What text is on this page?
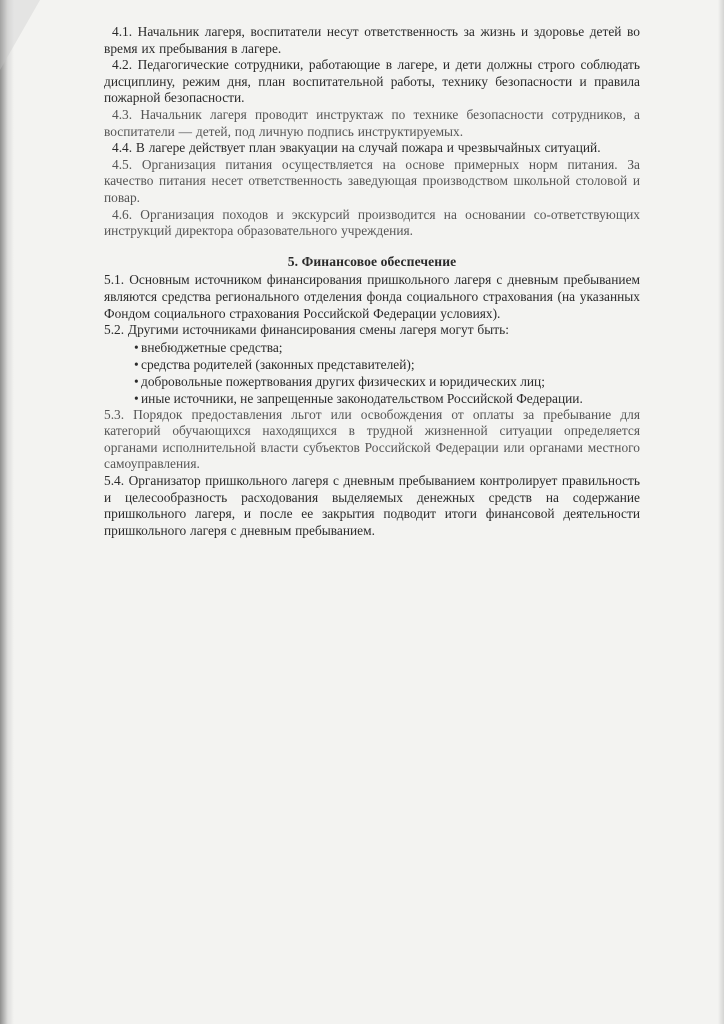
4.1. Начальник лагеря, воспитатели несут ответственность за жизнь и здоровье детей во время их пребывания в лагере.

4.2. Педагогические сотрудники, работающие в лагере, и дети должны строго соблюдать дисциплину, режим дня, план воспитательной работы, технику безопасности и правила пожарной безопасности.

4.3. Начальник лагеря проводит инструктаж по технике безопасности сотрудников, а воспитатели — детей, под личную подпись инструктируемых.

4.4. В лагере действует план эвакуации на случай пожара и чрезвычайных ситуаций.

4.5. Организация питания осуществляется на основе примерных норм питания. За качество питания несет ответственность заведующая производством школьной столовой и повар.

4.6. Организация походов и экскурсий производится на основании со-ответствующих инструкций директора образовательного учреждения.

5. Финансовое обеспечение

5.1. Основным источником финансирования пришкольного лагеря с дневным пребыванием являются средства регионального отделения фонда социального страхования (на указанных Фондом социального страхования Российской Федерации условиях).

5.2. Другими источниками финансирования смены лагеря могут быть:

• внебюджетные средства;
• средства родителей (законных представителей);
• добровольные пожертвования других физических и юридических лиц;
• иные источники, не запрещенные законодательством Российской Федерации.

5.3. Порядок предоставления льгот или освобождения от оплаты за пребывание для категорий обучающихся находящихся в трудной жизненной ситуации определяется органами исполнительной власти субъектов Российской Федерации или органами местного самоуправления.

5.4. Организатор пришкольного лагеря с дневным пребыванием контролирует правильность и целесообразность расходования выделяемых денежных средств на содержание пришкольного лагеря, и после ее закрытия подводит итоги финансовой деятельности пришкольного лагеря с дневным пребыванием.
